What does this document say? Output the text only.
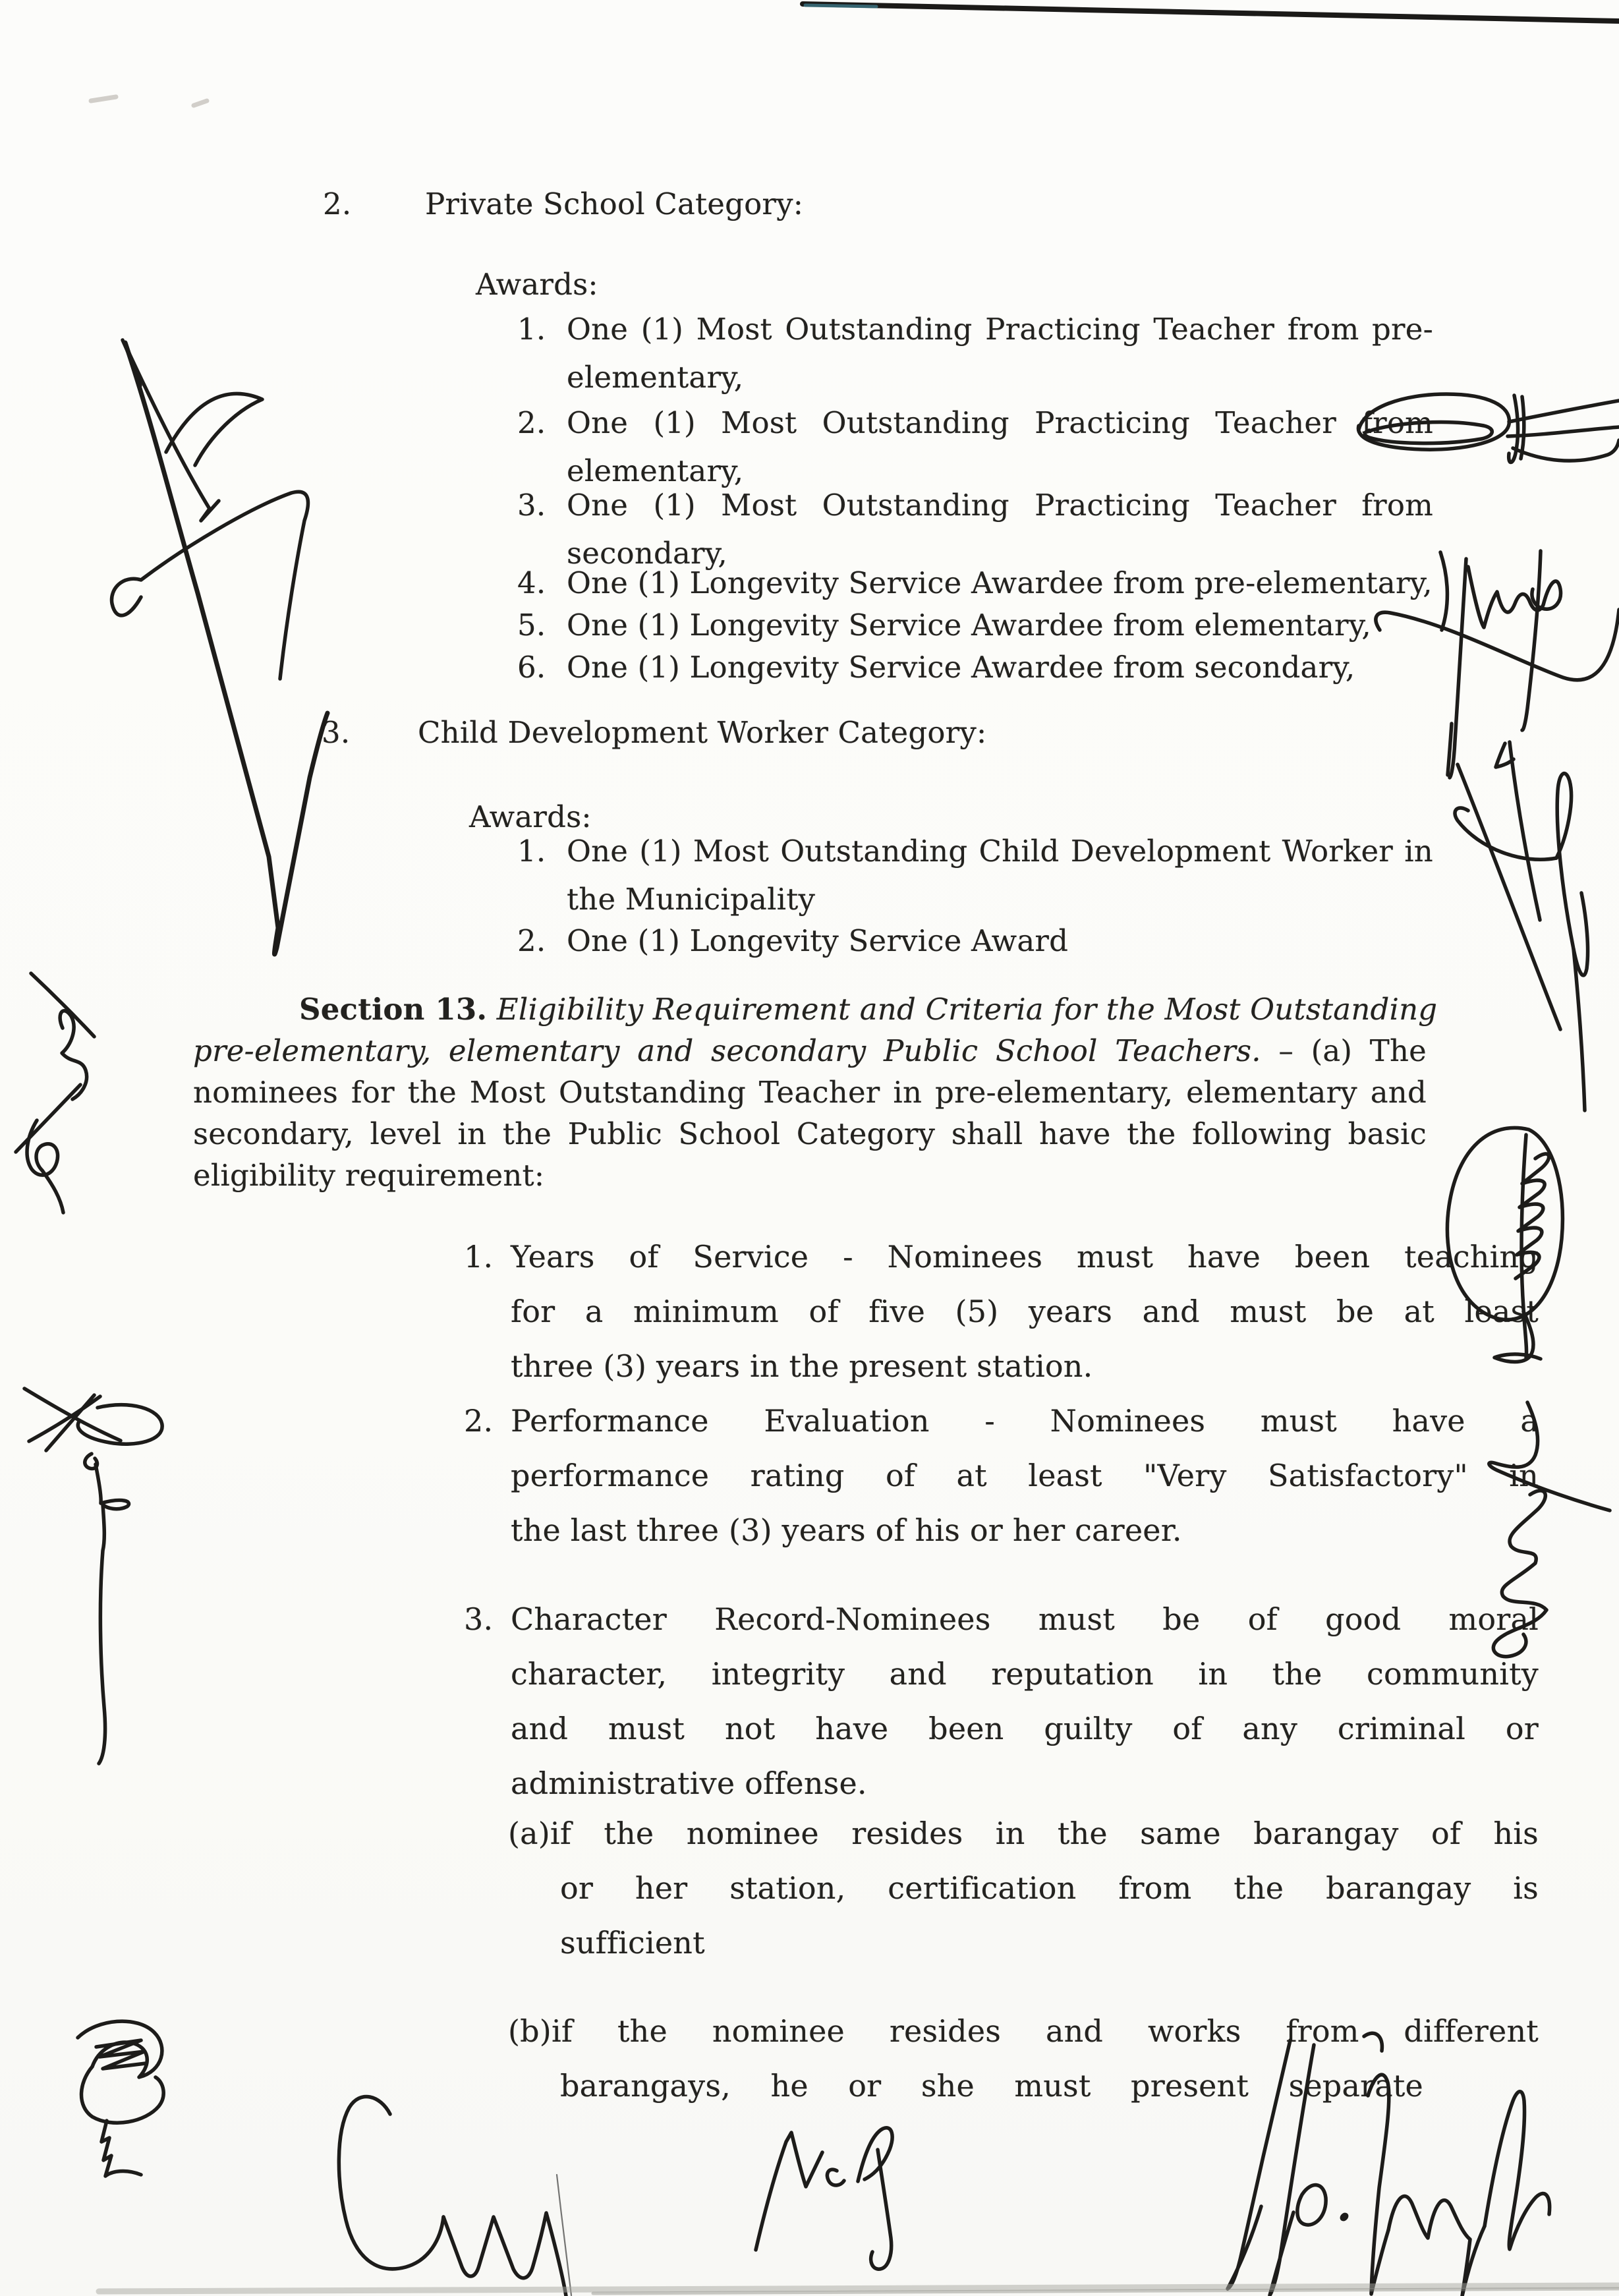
2. Private School Category:
Awards:
1. One (1) Most Outstanding Practicing Teacher from pre-
elementary,
2. One (1) Most Outstanding Practicing Teacher from
elementary,
3. One (1) Most Outstanding Practicing Teacher from
secondary,
4. One (1) Longevity Service Awardee from pre-elementary,
5. One (1) Longevity Service Awardee from elementary,
6. One (1) Longevity Service Awardee from secondary,
3. Child Development Worker Category:
Awards:
1. One (1) Most Outstanding Child Development Worker in
the Municipality
2. One (1) Longevity Service Award
Section 13. Eligibility Requirement and Criteria for the Most Outstanding
pre-elementary, elementary and secondary Public School Teachers. – (a) The
nominees for the Most Outstanding Teacher in pre-elementary, elementary and
secondary, level in the Public School Category shall have the following basic
eligibility requirement:
1. Years of Service - Nominees must have been teaching
for a minimum of five (5) years and must be at least
three (3) years in the present station.
2. Performance Evaluation - Nominees must have a
performance rating of at least "Very Satisfactory" in
the last three (3) years of his or her career.
3. Character Record-Nominees must be of good moral
character, integrity and reputation in the community
and must not have been guilty of any criminal or
administrative offense.
(a)if the nominee resides in the same barangay of his
or her station, certification from the barangay is
sufficient
(b)if the nominee resides and works from different
barangays, he or she must present separate
